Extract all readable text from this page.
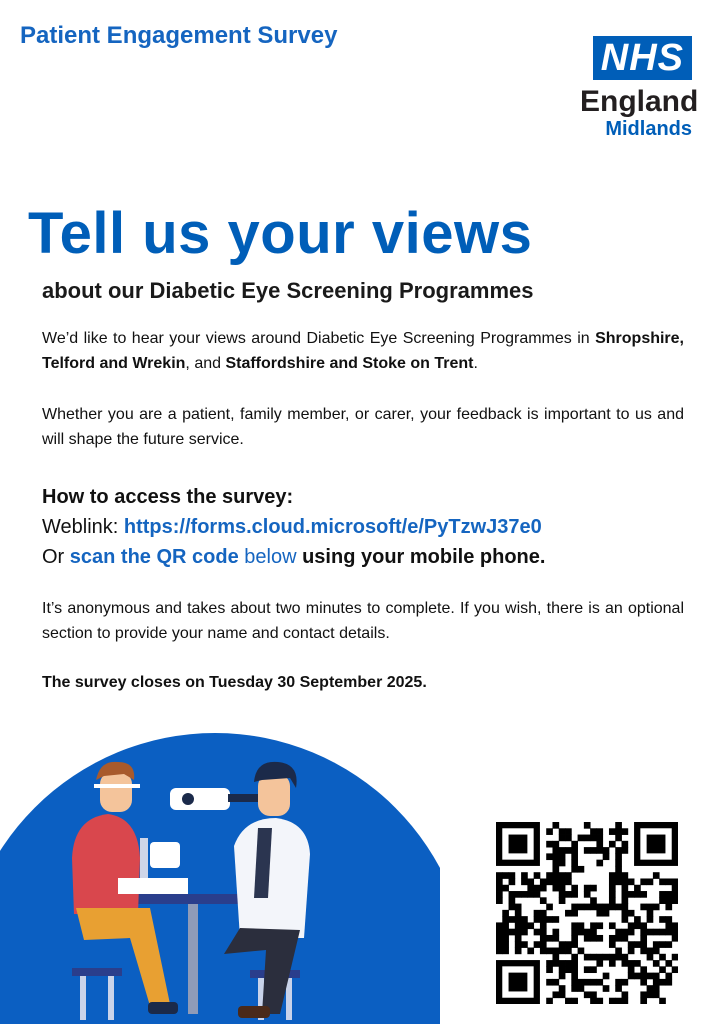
Patient Engagement Survey
NHS
England
Midlands
Tell us your views
about our Diabetic Eye Screening Programmes

We’d like to hear your views around Diabetic Eye Screening Programmes in Shropshire, Telford and Wrekin, and Staffordshire and Stoke on Trent.

Whether you are a patient, family member, or carer, your feedback is important to us and will shape the future service.

How to access the survey:
Weblink: https://forms.cloud.microsoft/e/PyTzwJ37e0
Or scan the QR code below using your mobile phone.

It’s anonymous and takes about two minutes to complete. If you wish, there is an optional section to provide your name and contact details.

The survey closes on Tuesday 30 September 2025.
